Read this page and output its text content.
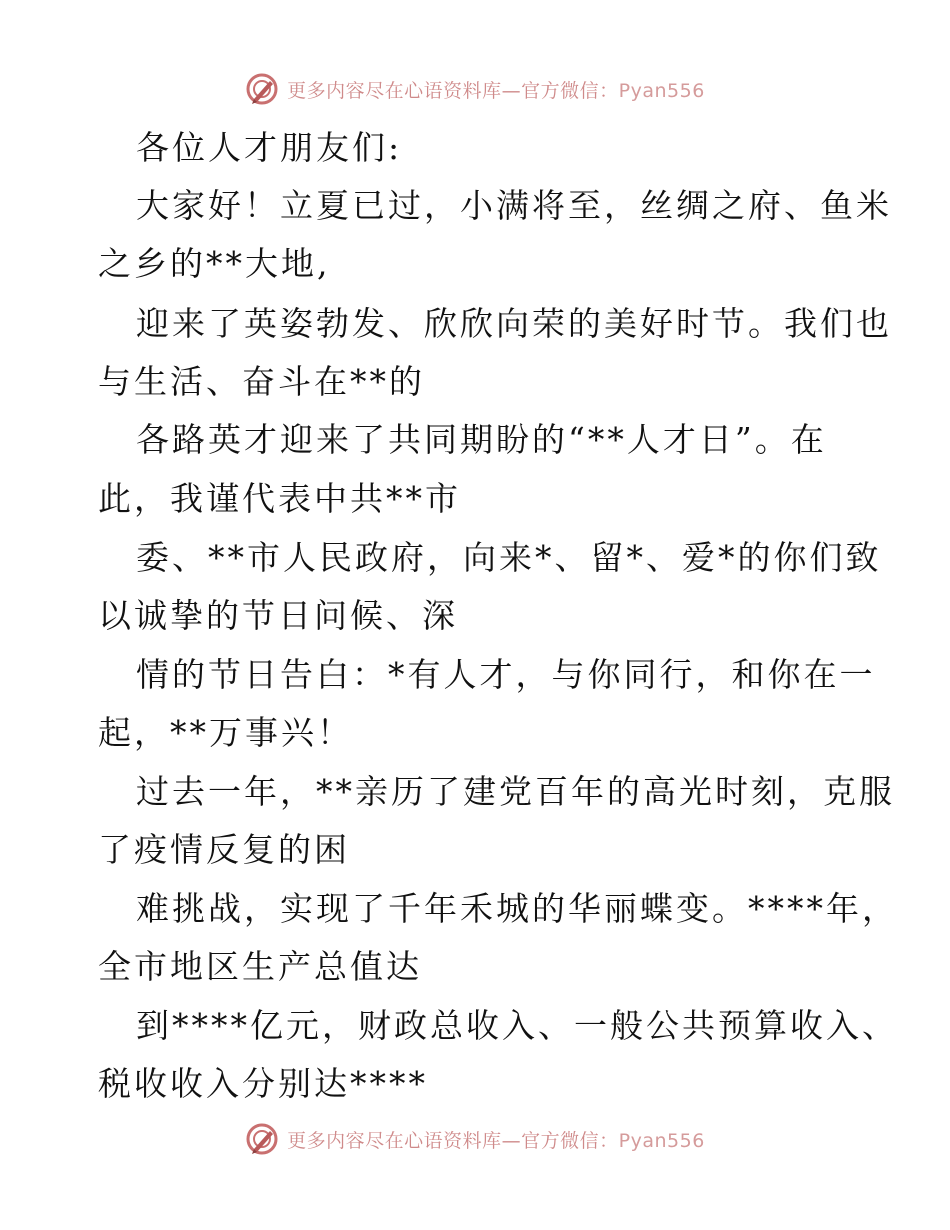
更多内容尽在心语资料库—官方微信：Pyan556
各位人才朋友们:
大家好！立夏已过，小满将至，丝绸之府、鱼米
之乡的**大地,
迎来了英姿勃发、欣欣向荣的美好时节。我们也
与生活、奋斗在**的
各路英才迎来了共同期盼的“**人才日”。在
此，我谨代表中共**市
委、**市人民政府，向来*、留*、爱*的你们致
以诚挚的节日问候、深
情的节日告白：*有人才，与你同行，和你在一
起，**万事兴！
过去一年，**亲历了建党百年的高光时刻，克服
了疫情反复的困
难挑战，实现了千年禾城的华丽蝶变。****年，
全市地区生产总值达
到****亿元，财政总收入、一般公共预算收入、
税收收入分别达****
更多内容尽在心语资料库—官方微信：Pyan556
